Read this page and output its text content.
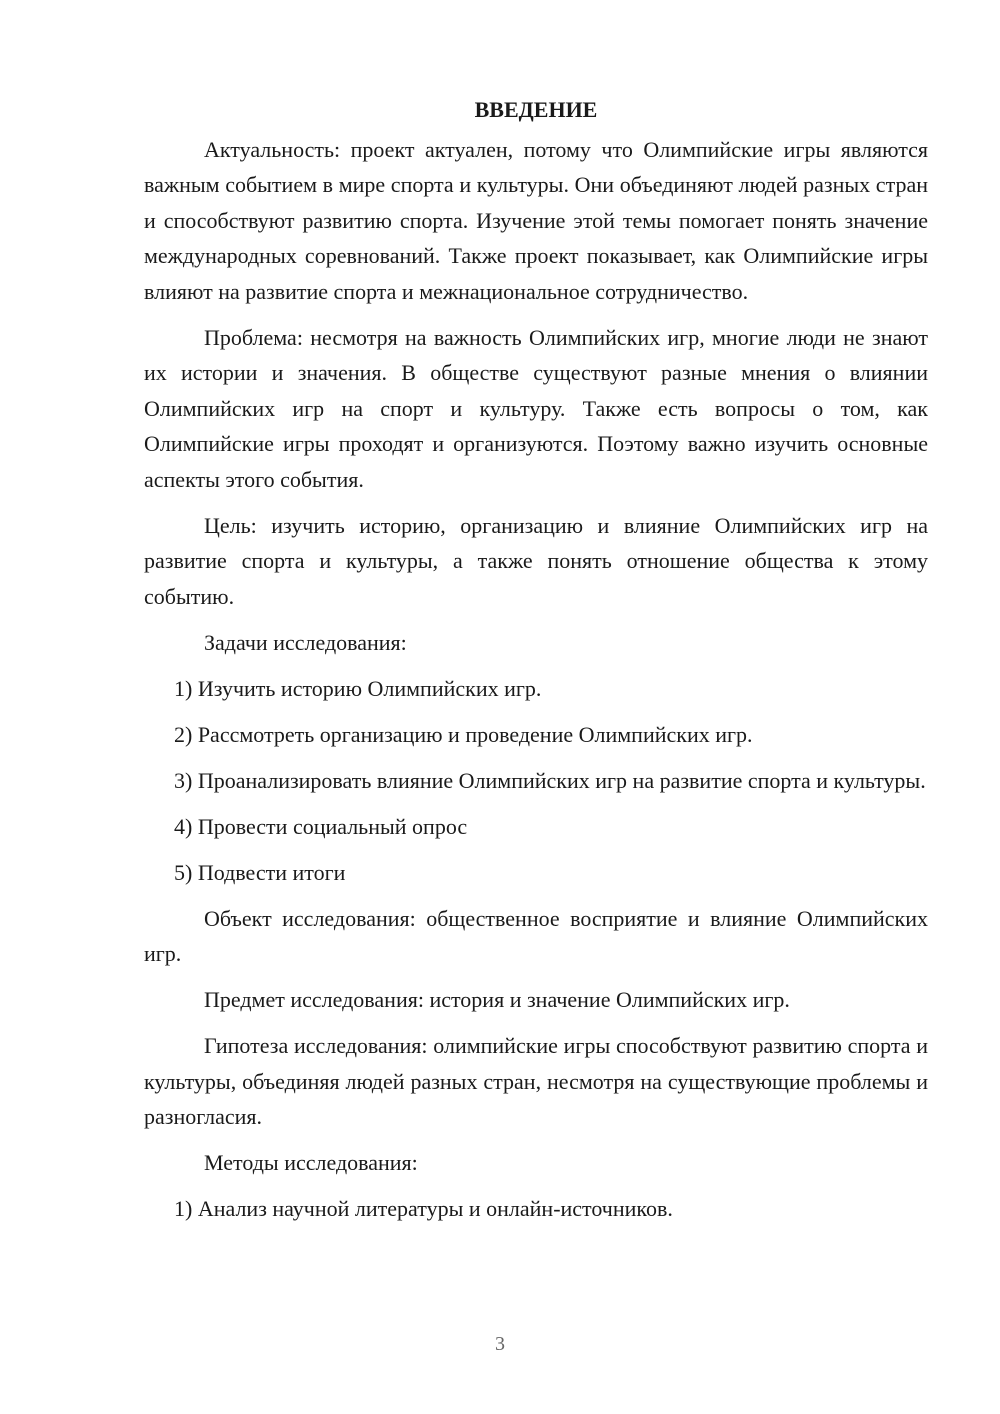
ВВЕДЕНИЕ

Актуальность: проект актуален, потому что Олимпийские игры являются важным событием в мире спорта и культуры. Они объединяют людей разных стран и способствуют развитию спорта. Изучение этой темы помогает понять значение международных соревнований. Также проект показывает, как Олимпийские игры влияют на развитие спорта и межнациональное сотрудничество.

Проблема: несмотря на важность Олимпийских игр, многие люди не знают их истории и значения. В обществе существуют разные мнения о влиянии Олимпийских игр на спорт и культуру. Также есть вопросы о том, как Олимпийские игры проходят и организуются. Поэтому важно изучить основные аспекты этого события.

Цель: изучить историю, организацию и влияние Олимпийских игр на развитие спорта и культуры, а также понять отношение общества к этому событию.

Задачи исследования:

1) Изучить историю Олимпийских игр.

2) Рассмотреть организацию и проведение Олимпийских игр.

3) Проанализировать влияние Олимпийских игр на развитие спорта и культуры.

4) Провести социальный опрос

5) Подвести итоги

Объект исследования: общественное восприятие и влияние Олимпийских игр.

Предмет исследования: история и значение Олимпийских игр.

Гипотеза исследования: олимпийские игры способствуют развитию спорта и культуры, объединяя людей разных стран, несмотря на существующие проблемы и разногласия.

Методы исследования:

1) Анализ научной литературы и онлайн-источников.

3
